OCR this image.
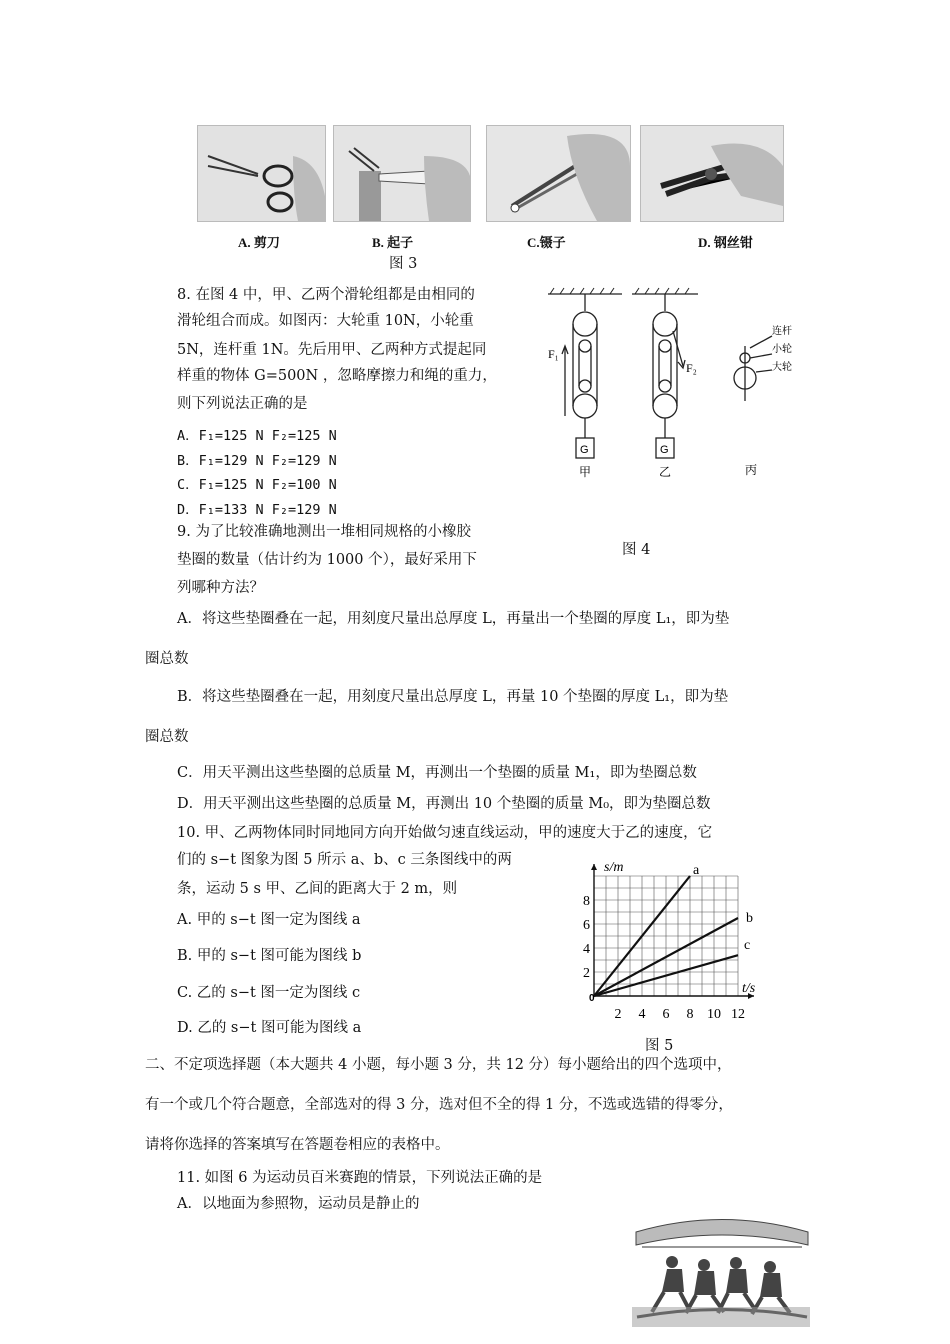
A. 剪刀	B. 起子	C.镊子	D. 钢丝钳
图 3
8. 在图 4 中，甲、乙两个滑轮组都是由相同的
滑轮组合而成。如图丙：大轮重 10N，小轮重
5N，连杆重 1N。先后用甲、乙两种方式提起同
样重的物体 G=500N ，忽略摩擦力和绳的重力，
则下列说法正确的是
A．F₁=125 N F₂=125 N
B．F₁=129 N F₂=129 N
C．F₁=125 N F₂=100 N
D．F₁=133 N F₂=129 N
F₁
F₂
G	G
甲	乙	丙
连杆
小轮
大轮
图 4
9. 为了比较准确地测出一堆相同规格的小橡胶
垫圈的数量（估计约为 1000 个），最好采用下
列哪种方法？
A．将这些垫圈叠在一起，用刻度尺量出总厚度 L，再量出一个垫圈的厚度 L₁，即为垫
圈总数
B．将这些垫圈叠在一起，用刻度尺量出总厚度 L，再量 10 个垫圈的厚度 L₁，即为垫
圈总数
C．用天平测出这些垫圈的总质量 M，再测出一个垫圈的质量 M₁，即为垫圈总数
D．用天平测出这些垫圈的总质量 M，再测出 10 个垫圈的质量 M₀，即为垫圈总数
10. 甲、乙两物体同时同地同方向开始做匀速直线运动，甲的速度大于乙的速度，它
们的 s−t 图象为图 5 所示 a、b、c 三条图线中的两
条，运动 5 s 甲、乙间的距离大于 2 m，则
A. 甲的 s−t 图一定为图线 a
B. 甲的 s−t 图可能为图线 b
C. 乙的 s−t 图一定为图线 c
D. 乙的 s−t 图可能为图线 a
a
b
c
2 4 6 8 10 12
2
4
6
8
0
t/s
s/m
图 5
二、不定项选择题（本大题共 4 小题，每小题 3 分，共 12 分）每小题给出的四个选项中，
有一个或几个符合题意，全部选对的得 3 分，选对但不全的得 1 分，不选或选错的得零分，
请将你选择的答案填写在答题卷相应的表格中。
11. 如图 6 为运动员百米赛跑的情景，下列说法正确的是
A．以地面为参照物，运动员是静止的
